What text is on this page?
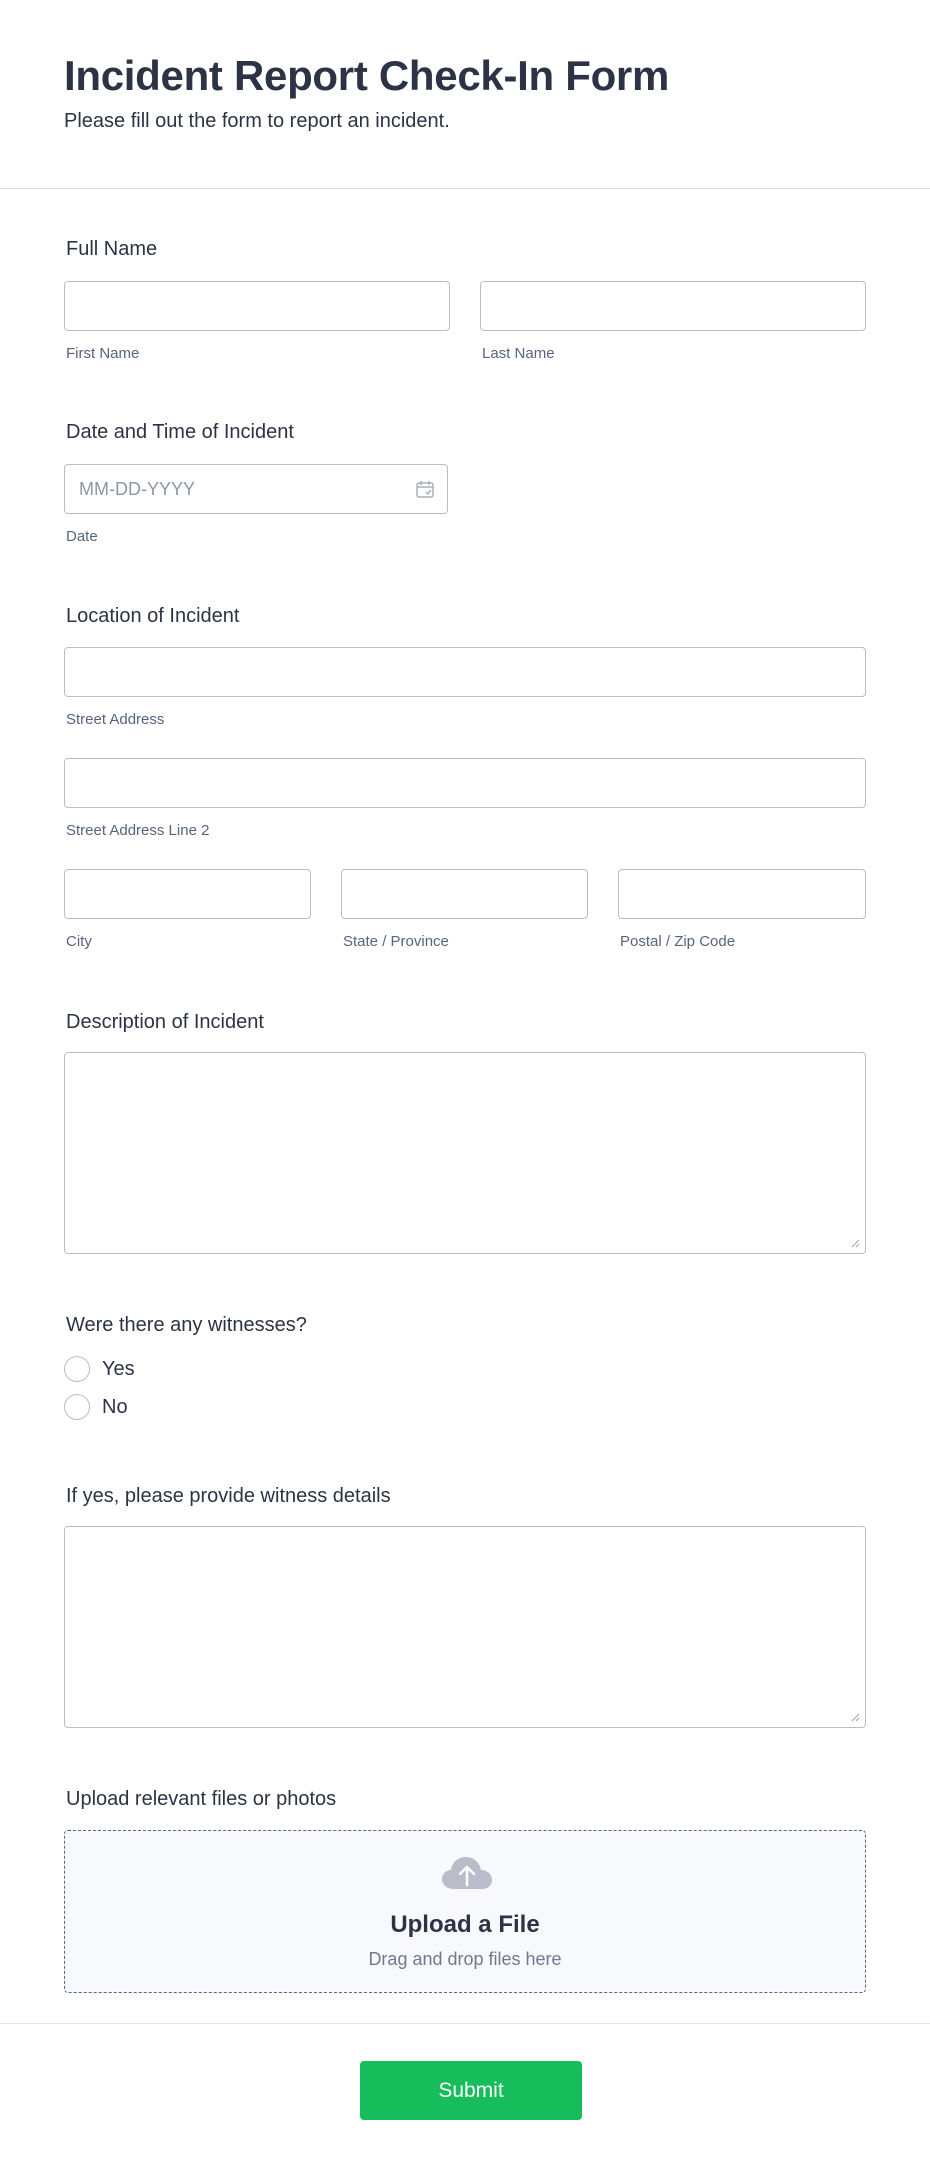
Incident Report Check-In Form
Please fill out the form to report an incident.
Full Name
First Name	Last Name
Date and Time of Incident
MM-DD-YYYY
Date
Location of Incident
Street Address
Street Address Line 2
City	State / Province	Postal / Zip Code
Description of Incident
Were there any witnesses?
Yes
No
If yes, please provide witness details
Upload relevant files or photos
Upload a File
Drag and drop files here
Submit
